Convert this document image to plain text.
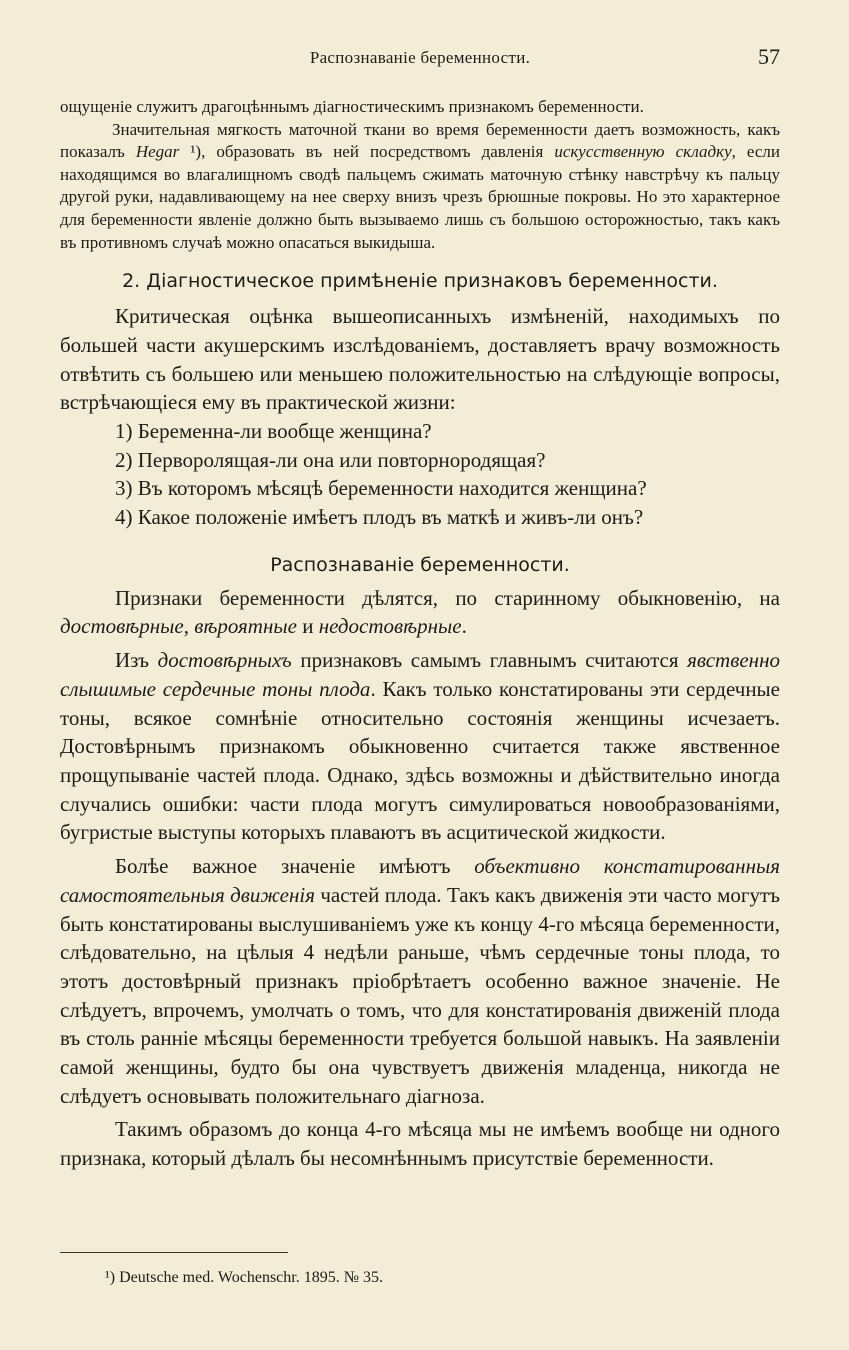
Распознаваніе беременности.	57

ощущеніе служитъ драгоцѣннымъ діагностическимъ признакомъ беременности.

Значительная мягкость маточной ткани во время беременности даетъ возможность, какъ показалъ Hegar ¹), образовать въ ней посредствомъ давленія искусственную складку, если находящимся во влагалищномъ сводѣ пальцемъ сжимать маточную стѣнку навстрѣчу къ пальцу другой руки, надавливающему на нее сверху внизъ чрезъ брюшные покровы. Но это характерное для беременности явленіе должно быть вызываемо лишь съ большою осторожностью, такъ какъ въ противномъ случаѣ можно опасаться выкидыша.

2. Діагностическое примѣненіе признаковъ беременности.

Критическая оцѣнка вышеописанныхъ измѣненій, находимыхъ по большей части акушерскимъ изслѣдованіемъ, доставляетъ врачу возможность отвѣтить съ большею или меньшею положительностью на слѣдующіе вопросы, встрѣчающіеся ему въ практической жизни:

1) Беременна-ли вообще женщина?
2) Перворолящая-ли она или повторнородящая?
3) Въ которомъ мѣсяцѣ беременности находится женщина?
4) Какое положеніе имѣетъ плодъ въ маткѣ и живъ-ли онъ?
Распознаваніе беременности.

Признаки беременности дѣлятся, по старинному обыкновенію, на достовѣрные, вѣроятные и недостовѣрные.

Изъ достовѣрныхъ признаковъ самымъ главнымъ считаются явственно слышимые сердечные тоны плода. Какъ только констатированы эти сердечные тоны, всякое сомнѣніе относительно состоянія женщины исчезаетъ. Достовѣрнымъ признакомъ обыкновенно считается также явственное прощупываніе частей плода. Однако, здѣсь возможны и дѣйствительно иногда случались ошибки: части плода могутъ симулироваться новообразованіями, бугристые выступы которыхъ плаваютъ въ асцитической жидкости.

Болѣе важное значеніе имѣютъ объективно констатированныя самостоятельныя движенія частей плода. Такъ какъ движенія эти часто могутъ быть констатированы выслушиваніемъ уже къ концу 4-го мѣсяца беременности, слѣдовательно, на цѣлыя 4 недѣли раньше, чѣмъ сердечные тоны плода, то этотъ достовѣрный признакъ пріобрѣтаетъ особенно важное значеніе. Не слѣдуетъ, впрочемъ, умолчать о томъ, что для констатированія движеній плода въ столь ранніе мѣсяцы беременности требуется большой навыкъ. На заявленіи самой женщины, будто бы она чувствуетъ движенія младенца, никогда не слѣдуетъ основывать положительнаго діагноза.

Такимъ образомъ до конца 4-го мѣсяца мы не имѣемъ вообще ни одного признака, который дѣлалъ бы несомнѣннымъ присутствіе беременности.

¹) Deutsche med. Wochenschr. 1895. № 35.
